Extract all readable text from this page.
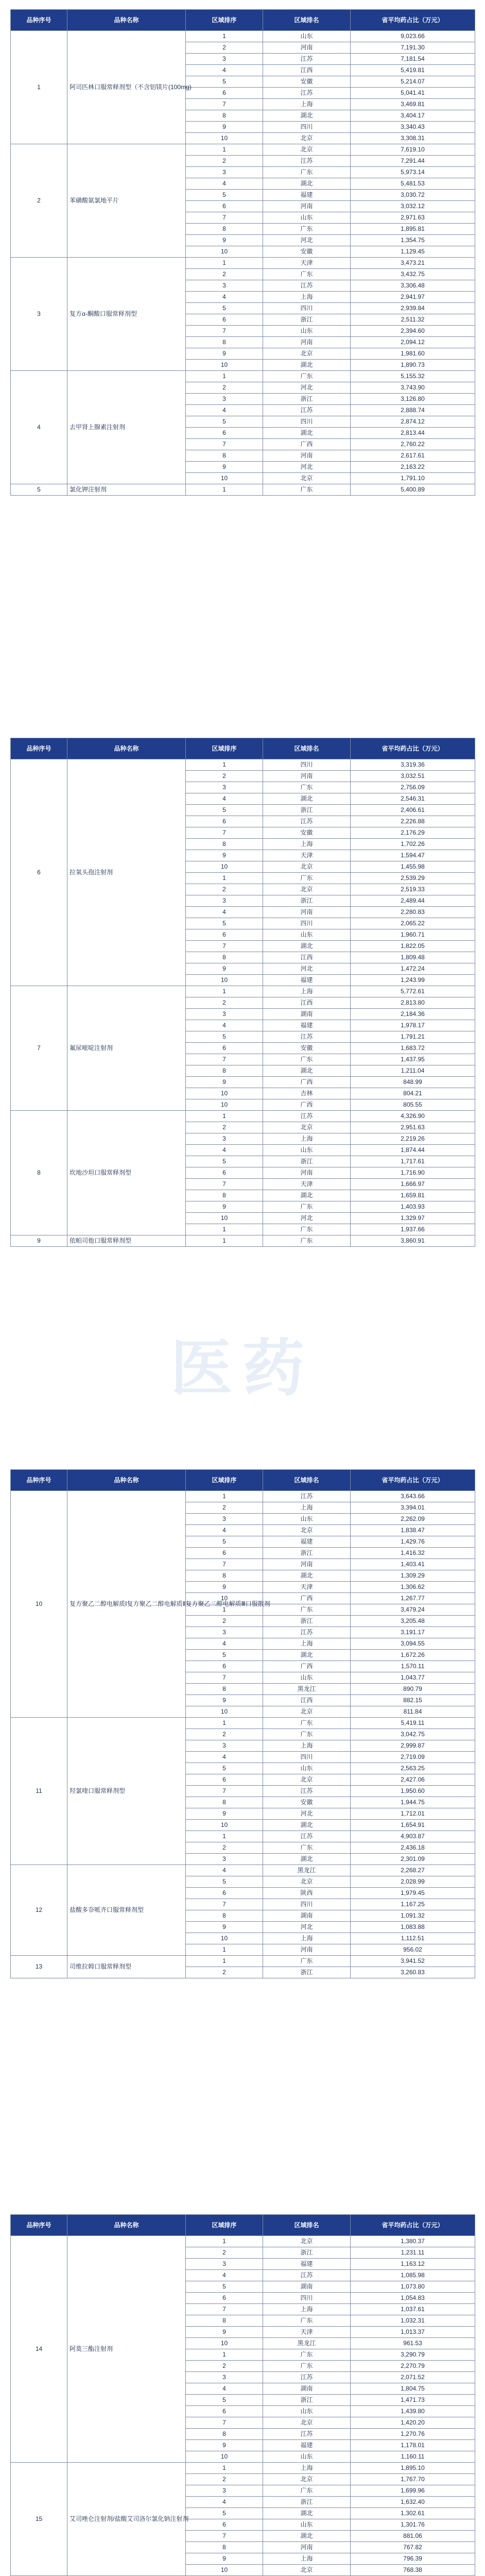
品种序号	品种名称	区域排序	区域排名	省平均药占比（万元）
1	阿司匹林口服常释剂型（不含铝镁片(100mg)	1	山东	9,023.66
		2	河南	7,191.30
		3	江苏	7,181.54
		4	江西	5,419.81
		5	安徽	5,214.07
		6	江苏	5,041.41
		7	上海	3,469.81
		8	湖北	3,404.17
		9	四川	3,340.43
		10	北京	3,308.31
2	苯磺酸氨氯地平片	1	北京	7,619.10
		2	江苏	7,291.44
		3	广东	5,973.14
		4	湖北	5,481.53
		5	福建	3,030.72
		6	河南	3,032.12
		7	山东	2,971.63
		8	广东	1,895.81
		9	河北	1,354.75
		10	安徽	1,129.45
3	复方α-酮酸口服常释剂型	1	天津	3,473.21
		2	广东	3,432.75
		3	江苏	3,306.48
		4	上海	2,941.97
		5	四川	2,939.84
		6	浙江	2,511.32
		7	山东	2,394.60
		8	河南	2,094.12
		9	北京	1,981.60
		10	湖北	1,890.73
4	去甲肾上腺素注射剂	1	广东	5,155.32
		2	河北	3,743.90
		3	浙江	3,126.80
		4	江苏	2,888.74
		5	四川	2,874.12
		6	湖北	2,813.44
		7	广西	2,760.22
		8	河南	2,617.61
		9	河北	2,163.22
		10	北京	1,791.10
5	氯化钾注射剂	1	广东	5,400.89
品种序号	品种名称	区域排序	区域排名	省平均药占比（万元）
6	拉氧头孢注射剂	1	四川	3,319.36
		2	河南	3,032.51
		3	广东	2,756.09
		4	湖北	2,546.31
		5	浙江	2,406.61
		6	江苏	2,226.88
		7	安徽	2,176.29
		8	上海	1,702.26
		9	天津	1,594.47
		10	北京	1,455.98
		1	广东	2,539.29
		2	北京	2,519.33
		3	浙江	2,489.44
		4	河南	2,280.83
		5	四川	2,065.22
		6	山东	1,960.71
		7	湖北	1,822.05
		8	江西	1,809.48
		9	河北	1,472.24
		10	福建	1,243.99
7	氟尿嘧啶注射剂	1	上海	5,772.61
		2	江西	2,813.80
		3	湖南	2,184.36
		4	福建	1,978.17
		5	江苏	1,791.21
		6	安徽	1,683.72
		7	广东	1,437.95
		8	湖北	1,211.04
		9	广西	848.99
		10	吉林	804.21
		10	广西	805.55
8	坎地沙坦口服常释剂型	1	江苏	4,326.90
		2	北京	2,951.63
		3	上海	2,219.26
		4	山东	1,874.44
		5	浙江	1,717.61
		6	河南	1,716.90
		7	天津	1,666.97
		8	湖北	1,659.81
		9	广东	1,403.93
		10	河北	1,329.97
		1	广东	1,937.66
9	依帕司他口服常释剂型	1	广东	3,860.91
品种序号	品种名称	区域排序	区域排名	省平均药占比（万元）
10	复方聚乙二醇电解质Ⅰ复方聚乙二醇电解质Ⅱ复方聚乙二醇电解质Ⅲ口服散剂	1	江苏	3,643.66
		2	上海	3,394.01
		3	山东	2,262.09
		4	北京	1,838.47
		5	福建	1,429.76
		6	浙江	1,416.32
		7	河南	1,403.41
		8	湖北	1,309.29
		9	天津	1,306.62
		10	广西	1,267.77
		1	广东	3,479.24
		2	浙江	3,205.48
		3	江苏	3,191.17
		4	上海	3,094.55
		5	湖北	1,672.26
		6	广西	1,570.11
		7	山东	1,043.77
		8	黑龙江	890.79
		9	江西	882.15
		10	北京	811.84
11	羟氯喹口服常释剂型	1	广东	5,419.11
		2	广东	3,042.75
		3	上海	2,999.87
		4	四川	2,719.09
		5	山东	2,563.25
		6	北京	2,427.06
		7	江苏	1,950.60
		8	安徽	1,944.75
		9	河北	1,712.01
		10	湖北	1,654.91
		1	江苏	4,903.87
		2	广东	2,436.18
		3	湖北	2,301.09
12	盐酸多奈哌齐口服常释剂型	4	黑龙江	2,268.27
		5	北京	2,028.99
		6	陕西	1,979.45
		7	四川	1,167.25
		8	湖南	1,091.32
		9	河北	1,083.88
		10	上海	1,112.51
		1	河南	956.02
13	司维拉姆口服常释剂型	1	广东	3,941.52
		2	浙江	3,260.83
品种序号	品种名称	区域排序	区域排名	省平均药占比（万元）
14	阿莫三酯注射剂	1	北京	1,380.37
		2	浙江	1,231.11
		3	福建	1,163.12
		4	江苏	1,085.98
		5	湖南	1,073.80
		6	四川	1,054.83
		7	上海	1,037.61
		8	广东	1,032.31
		9	天津	1,013.37
		10	黑龙江	961.53
		1	广东	3,290.79
		2	广东	2,270.79
		3	江苏	2,071.52
		4	湖南	1,804.75
		5	浙江	1,471.73
		6	山东	1,439.80
		7	北京	1,420.20
		8	江苏	1,270.76
		9	福建	1,178.01
		10	山东	1,160.11
15	艾司唑仑注射剂/盐酸艾司洛尔氯化钠注射剂	1	上海	1,895.10
		2	北京	1,767.70
		3	广东	1,699.96
		4	浙江	1,632.40
		5	湖北	1,302.61
		6	山东	1,301.76
		7	湖北	881.06
		8	河南	767.82
		9	上海	796.39
		10	北京	768.38

医药
